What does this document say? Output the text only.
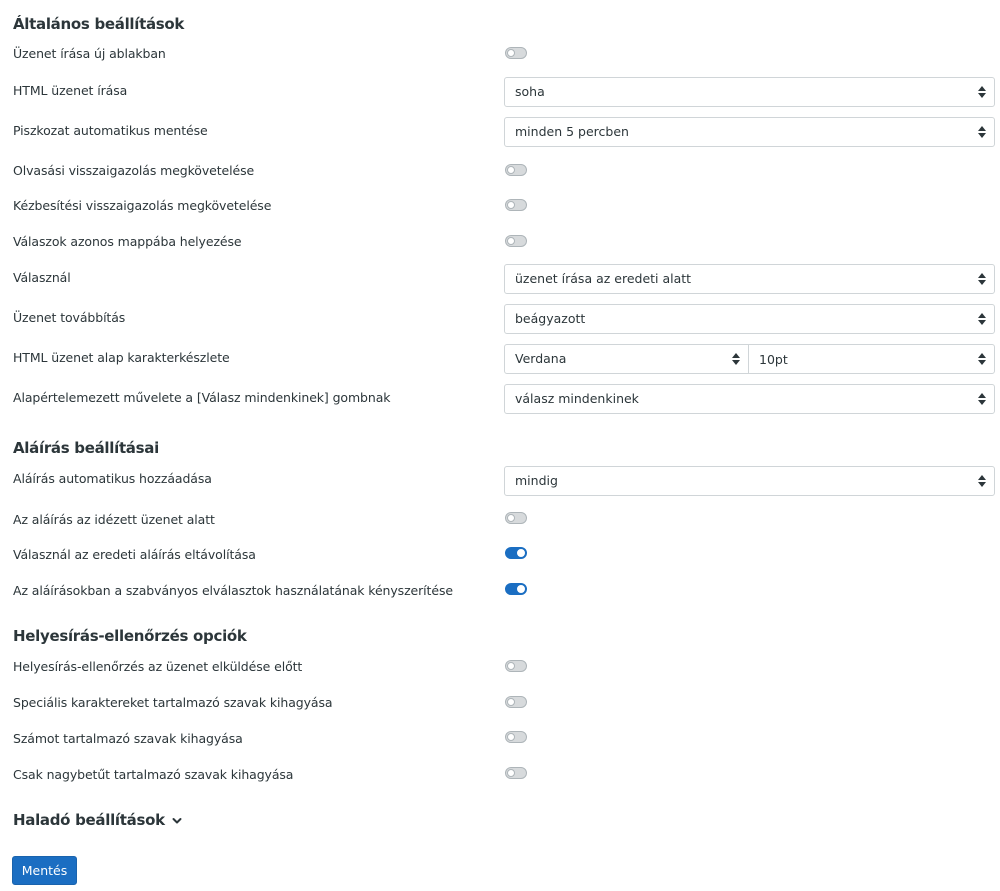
Általános beállítások
Üzenet írása új ablakban
HTML üzenet írása	soha
Piszkozat automatikus mentése	minden 5 percben
Olvasási visszaigazolás megkövetelése
Kézbesítési visszaigazolás megkövetelése
Válaszok azonos mappába helyezése
Válasznál	üzenet írása az eredeti alatt
Üzenet továbbítás	beágyazott
HTML üzenet alap karakterkészlete	Verdana	10pt
Alapértelemezett művelete a [Válasz mindenkinek] gombnak	válasz mindenkinek
Aláírás beállításai
Aláírás automatikus hozzáadása	mindig
Az aláírás az idézett üzenet alatt
Válasznál az eredeti aláírás eltávolítása
Az aláírásokban a szabványos elválasztok használatának kényszerítése
Helyesírás-ellenőrzés opciók
Helyesírás-ellenőrzés az üzenet elküldése előtt
Speciális karaktereket tartalmazó szavak kihagyása
Számot tartalmazó szavak kihagyása
Csak nagybetűt tartalmazó szavak kihagyása
Haladó beállítások
Mentés
